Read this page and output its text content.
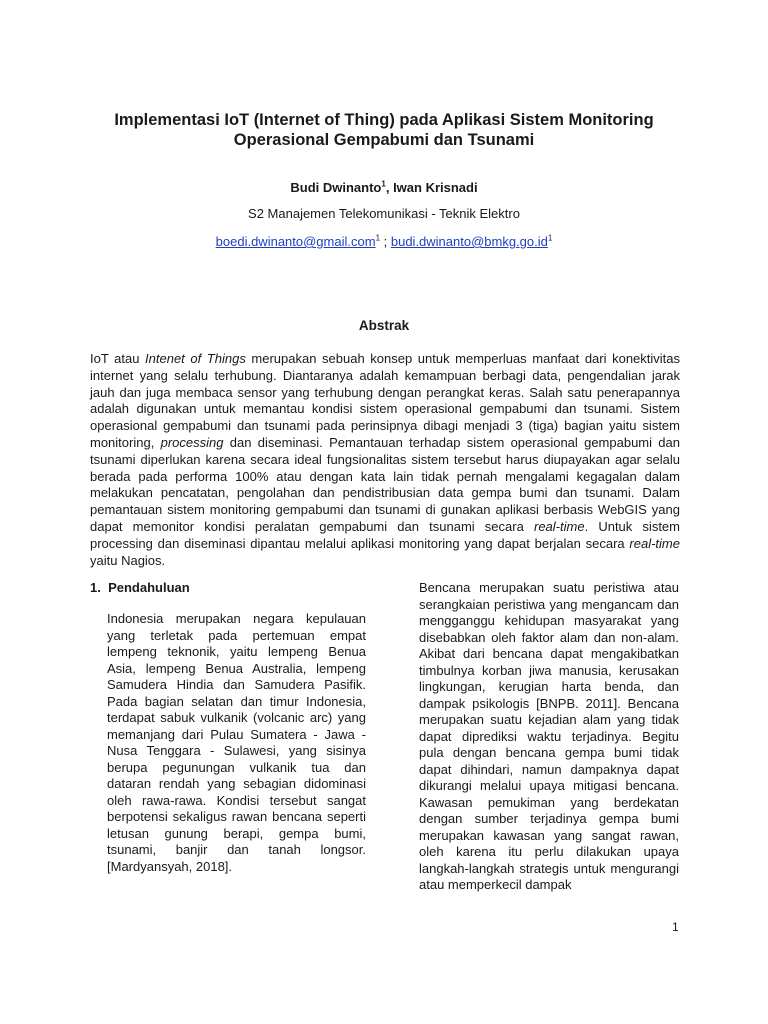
Implementasi IoT (Internet of Thing) pada Aplikasi Sistem Monitoring
Operasional Gempabumi dan Tsunami
Budi Dwinanto$^1$, Iwan Krisnadi
S2 Manajemen Telekomunikasi - Teknik Elektro
boedi.dwinanto@gmail.com$^1$ ; $budi.dwinanto@bmkg.go.id^1$
Abstrak

IoT atau Intenet of Things merupakan sebuah konsep untuk memperluas manfaat dari konektivitas internet yang selalu terhubung. Diantaranya adalah kemampuan berbagi data, pengendalian jarak jauh dan juga membaca sensor yang terhubung dengan perangkat keras. Salah satu penerapannya adalah digunakan untuk memantau kondisi sistem operasional gempabumi dan tsunami. Sistem operasional gempabumi dan tsunami pada perinsipnya dibagi menjadi 3 (tiga) bagian yaitu sistem monitoring, processing dan diseminasi. Pemantauan terhadap sistem operasional gempabumi dan tsunami diperlukan karena secara ideal fungsionalitas sistem tersebut harus diupayakan agar selalu berada pada performa 100% atau dengan kata lain tidak pernah mengalami kegagalan dalam melakukan pencatatan, pengolahan dan pendistribusian data gempa bumi dan tsunami. Dalam pemantauan sistem monitoring gempabumi dan tsunami di gunakan aplikasi berbasis WebGIS yang dapat memonitor kondisi peralatan gempabumi dan tsunami secara real-time. Untuk sistem processing dan diseminasi dipantau melalui aplikasi monitoring yang dapat berjalan secara real-time yaitu Nagios.

1.  Pendahuluan

Indonesia merupakan negara kepulauan yang terletak pada pertemuan empat lempeng teknonik, yaitu lempeng Benua Asia, lempeng Benua Australia, lempeng Samudera Hindia dan Samudera Pasifik. Pada bagian selatan dan timur Indonesia, terdapat sabuk vulkanik (volcanic arc) yang memanjang dari Pulau Sumatera - Jawa - Nusa Tenggara - Sulawesi, yang sisinya berupa pegunungan vulkanik tua dan dataran rendah yang sebagian didominasi oleh rawa-rawa. Kondisi tersebut sangat berpotensi sekaligus rawan bencana seperti letusan gunung berapi, gempa bumi, tsunami, banjir dan tanah longsor. [Mardyansyah, 2018].

Bencana merupakan suatu peristiwa atau serangkaian peristiwa yang mengancam dan mengganggu kehidupan masyarakat yang disebabkan oleh faktor alam dan non-alam. Akibat dari bencana dapat mengakibatkan timbulnya korban jiwa manusia, kerusakan lingkungan, kerugian harta benda, dan dampak psikologis [BNPB. 2011]. Bencana merupakan suatu kejadian alam yang tidak dapat diprediksi waktu terjadinya. Begitu pula dengan bencana gempa bumi tidak dapat dihindari, namun dampaknya dapat dikurangi melalui upaya mitigasi bencana. Kawasan pemukiman yang berdekatan dengan sumber terjadinya gempa bumi merupakan kawasan yang sangat rawan, oleh karena itu perlu dilakukan upaya langkah-langkah strategis untuk mengurangi atau memperkecil dampak

1
